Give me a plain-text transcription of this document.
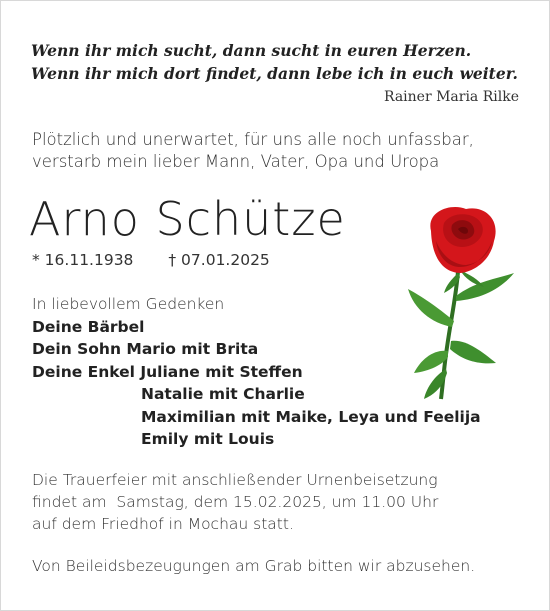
Wenn ihr mich sucht, dann sucht in euren Herzen.
Wenn ihr mich dort findet, dann lebe ich in euch weiter.
Rainer Maria Rilke
Plötzlich und unerwartet, für uns alle noch unfassbar,
verstarb mein lieber Mann, Vater, Opa und Uropa
Arno Schütze
* 16.11.1938 † 07.01.2025
In liebevollem Gedenken
Deine Bärbel
Dein Sohn Mario mit Brita
Deine Enkel Juliane mit Steffen
Natalie mit Charlie
Maximilian mit Maike, Leya und Feelija
Emily mit Louis
Die Trauerfeier mit anschließender Urnenbeisetzung
findet am  Samstag, dem 15.02.2025, um 11.00 Uhr
auf dem Friedhof in Mochau statt.
Von Beileidsbezeugungen am Grab bitten wir abzusehen.
